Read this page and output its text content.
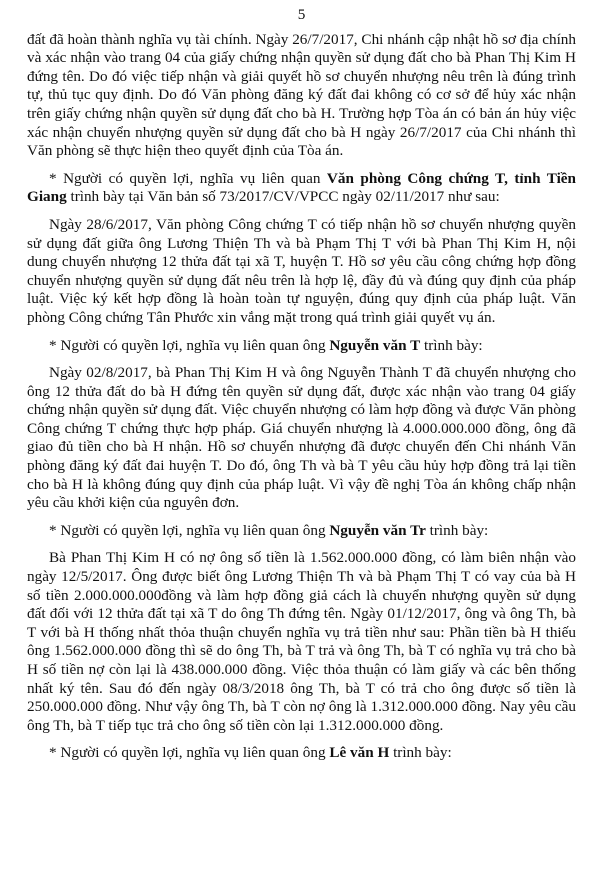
5

đất đã hoàn thành nghĩa vụ tài chính. Ngày 26/7/2017, Chi nhánh cập nhật hồ sơ địa chính và xác nhận vào trang 04 của giấy chứng nhận quyền sử dụng đất cho bà Phan Thị Kim H đứng tên. Do đó việc tiếp nhận và giải quyết hồ sơ chuyển nhượng nêu trên là đúng trình tự, thủ tục quy định. Do đó Văn phòng đăng ký đất đai không có cơ sở để hủy xác nhận trên giấy chứng nhận quyền sử dụng đất cho bà H. Trường hợp Tòa án có bản án hủy việc xác nhận chuyển nhượng quyền sử dụng đất cho bà H ngày 26/7/2017 của Chi nhánh thì Văn phòng sẽ thực hiện theo quyết định của Tòa án.

* Người có quyền lợi, nghĩa vụ liên quan Văn phòng Công chứng T, tỉnh Tiền Giang trình bày tại Văn bản số 73/2017/CV/VPCC ngày 02/11/2017 như sau:

Ngày 28/6/2017, Văn phòng Công chứng T có tiếp nhận hồ sơ chuyển nhượng quyền sử dụng đất giữa ông Lương Thiện Th và bà Phạm Thị T với bà Phan Thị Kim H, nội dung chuyển nhượng 12 thửa đất tại xã T, huyện T. Hồ sơ yêu cầu công chứng hợp đồng chuyển nhượng quyền sử dụng đất nêu trên là hợp lệ, đầy đủ và đúng quy định của pháp luật. Việc ký kết hợp đồng là hoàn toàn tự nguyện, đúng quy định của pháp luật. Văn phòng Công chứng Tân Phước xin vắng mặt trong quá trình giải quyết vụ án.

* Người có quyền lợi, nghĩa vụ liên quan ông Nguyễn văn T trình bày:

Ngày 02/8/2017, bà Phan Thị Kim H và ông Nguyễn Thành T đã chuyển nhượng cho ông 12 thửa đất do bà H đứng tên quyền sử dụng đất, được xác nhận vào trang 04 giấy chứng nhận quyền sử dụng đất. Việc chuyển nhượng có làm hợp đồng và được Văn phòng Công chứng T chứng thực hợp pháp. Giá chuyển nhượng là 4.000.000.000 đồng, ông đã giao đủ tiền cho bà H nhận. Hồ sơ chuyển nhượng đã được chuyển đến Chi nhánh Văn phòng đăng ký đất đai huyện T. Do đó, ông Th và bà T yêu cầu hủy hợp đồng trả lại tiền cho bà H là không đúng quy định của pháp luật. Vì vậy đề nghị Tòa án không chấp nhận yêu cầu khởi kiện của nguyên đơn.

* Người có quyền lợi, nghĩa vụ liên quan ông Nguyễn văn Tr trình bày:

Bà Phan Thị Kim H có nợ ông số tiền là 1.562.000.000 đồng, có làm biên nhận vào ngày 12/5/2017. Ông được biết ông Lương Thiện Th và bà Phạm Thị T có vay của bà H số tiền 2.000.000.000đồng và làm hợp đồng giả cách là chuyển nhượng quyền sử dụng đất đối với 12 thửa đất tại xã T do ông Th đứng tên. Ngày 01/12/2017, ông và ông Th, bà T với bà H thống nhất thỏa thuận chuyển nghĩa vụ trả tiền như sau: Phần tiền bà H thiếu ông 1.562.000.000 đồng thì sẽ do ông Th, bà T trả và ông Th, bà T có nghĩa vụ trả cho bà H số tiền nợ còn lại là 438.000.000 đồng. Việc thỏa thuận có làm giấy và các bên thống nhất ký tên. Sau đó đến ngày 08/3/2018 ông Th, bà T có trả cho ông được số tiền là 250.000.000 đồng. Như vậy ông Th, bà T còn nợ ông là 1.312.000.000 đồng. Nay yêu cầu ông Th, bà T tiếp tục trả cho ông số tiền còn lại 1.312.000.000 đồng.

* Người có quyền lợi, nghĩa vụ liên quan ông Lê văn H trình bày:
